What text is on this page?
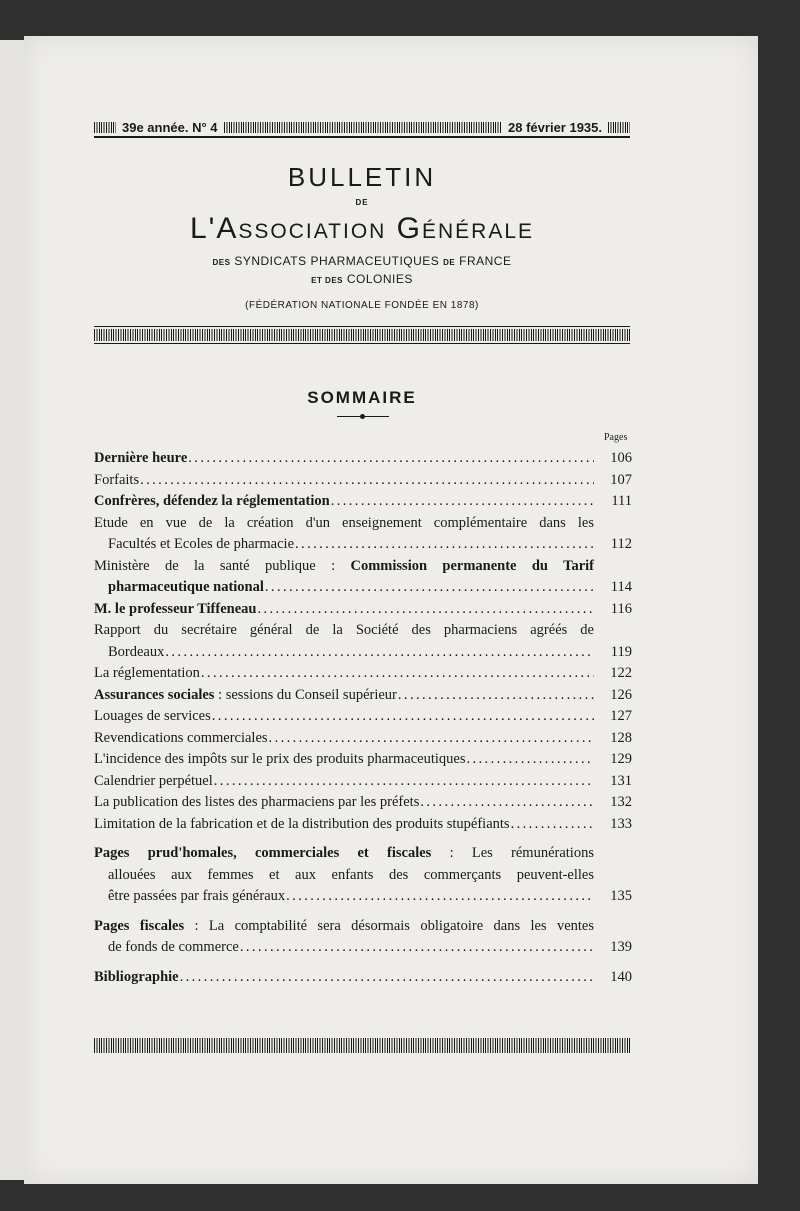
39e année. N° 4	28 février 1935.
BULLETIN
DE
L'Association Générale
DES SYNDICATS PHARMACEUTIQUES DE FRANCE
ET DES COLONIES
(FÉDÉRATION NATIONALE FONDÉE EN 1878)
SOMMAIRE
Pages
Dernière heure .....	106
Forfaits .....	107
Confrères, défendez la réglementation .....	111
Etude en vue de la création d'un enseignement complémentaire dans les
Facultés et Ecoles de pharmacie .....	112
Ministère de la santé publique : Commission permanente du Tarif
pharmaceutique national .....	114
M. le professeur Tiffeneau .....	116
Rapport du secrétaire général de la Société des pharmaciens agréés de
Bordeaux .....	119
La réglementation .....	122
Assurances sociales : sessions du Conseil supérieur .....	126
Louages de services .....	127
Revendications commerciales .....	128
L'incidence des impôts sur le prix des produits pharmaceutiques .....	129
Calendrier perpétuel .....	131
La publication des listes des pharmaciens par les préfets .....	132
Limitation de la fabrication et de la distribution des produits stupéfiants .....	133
Pages prud'homales, commerciales et fiscales : Les rémunérations
allouées aux femmes et aux enfants des commerçants peuvent-elles
être passées par frais généraux .....	135
Pages fiscales : La comptabilité sera désormais obligatoire dans les ventes
de fonds de commerce .....	139
Bibliographie .....	140
